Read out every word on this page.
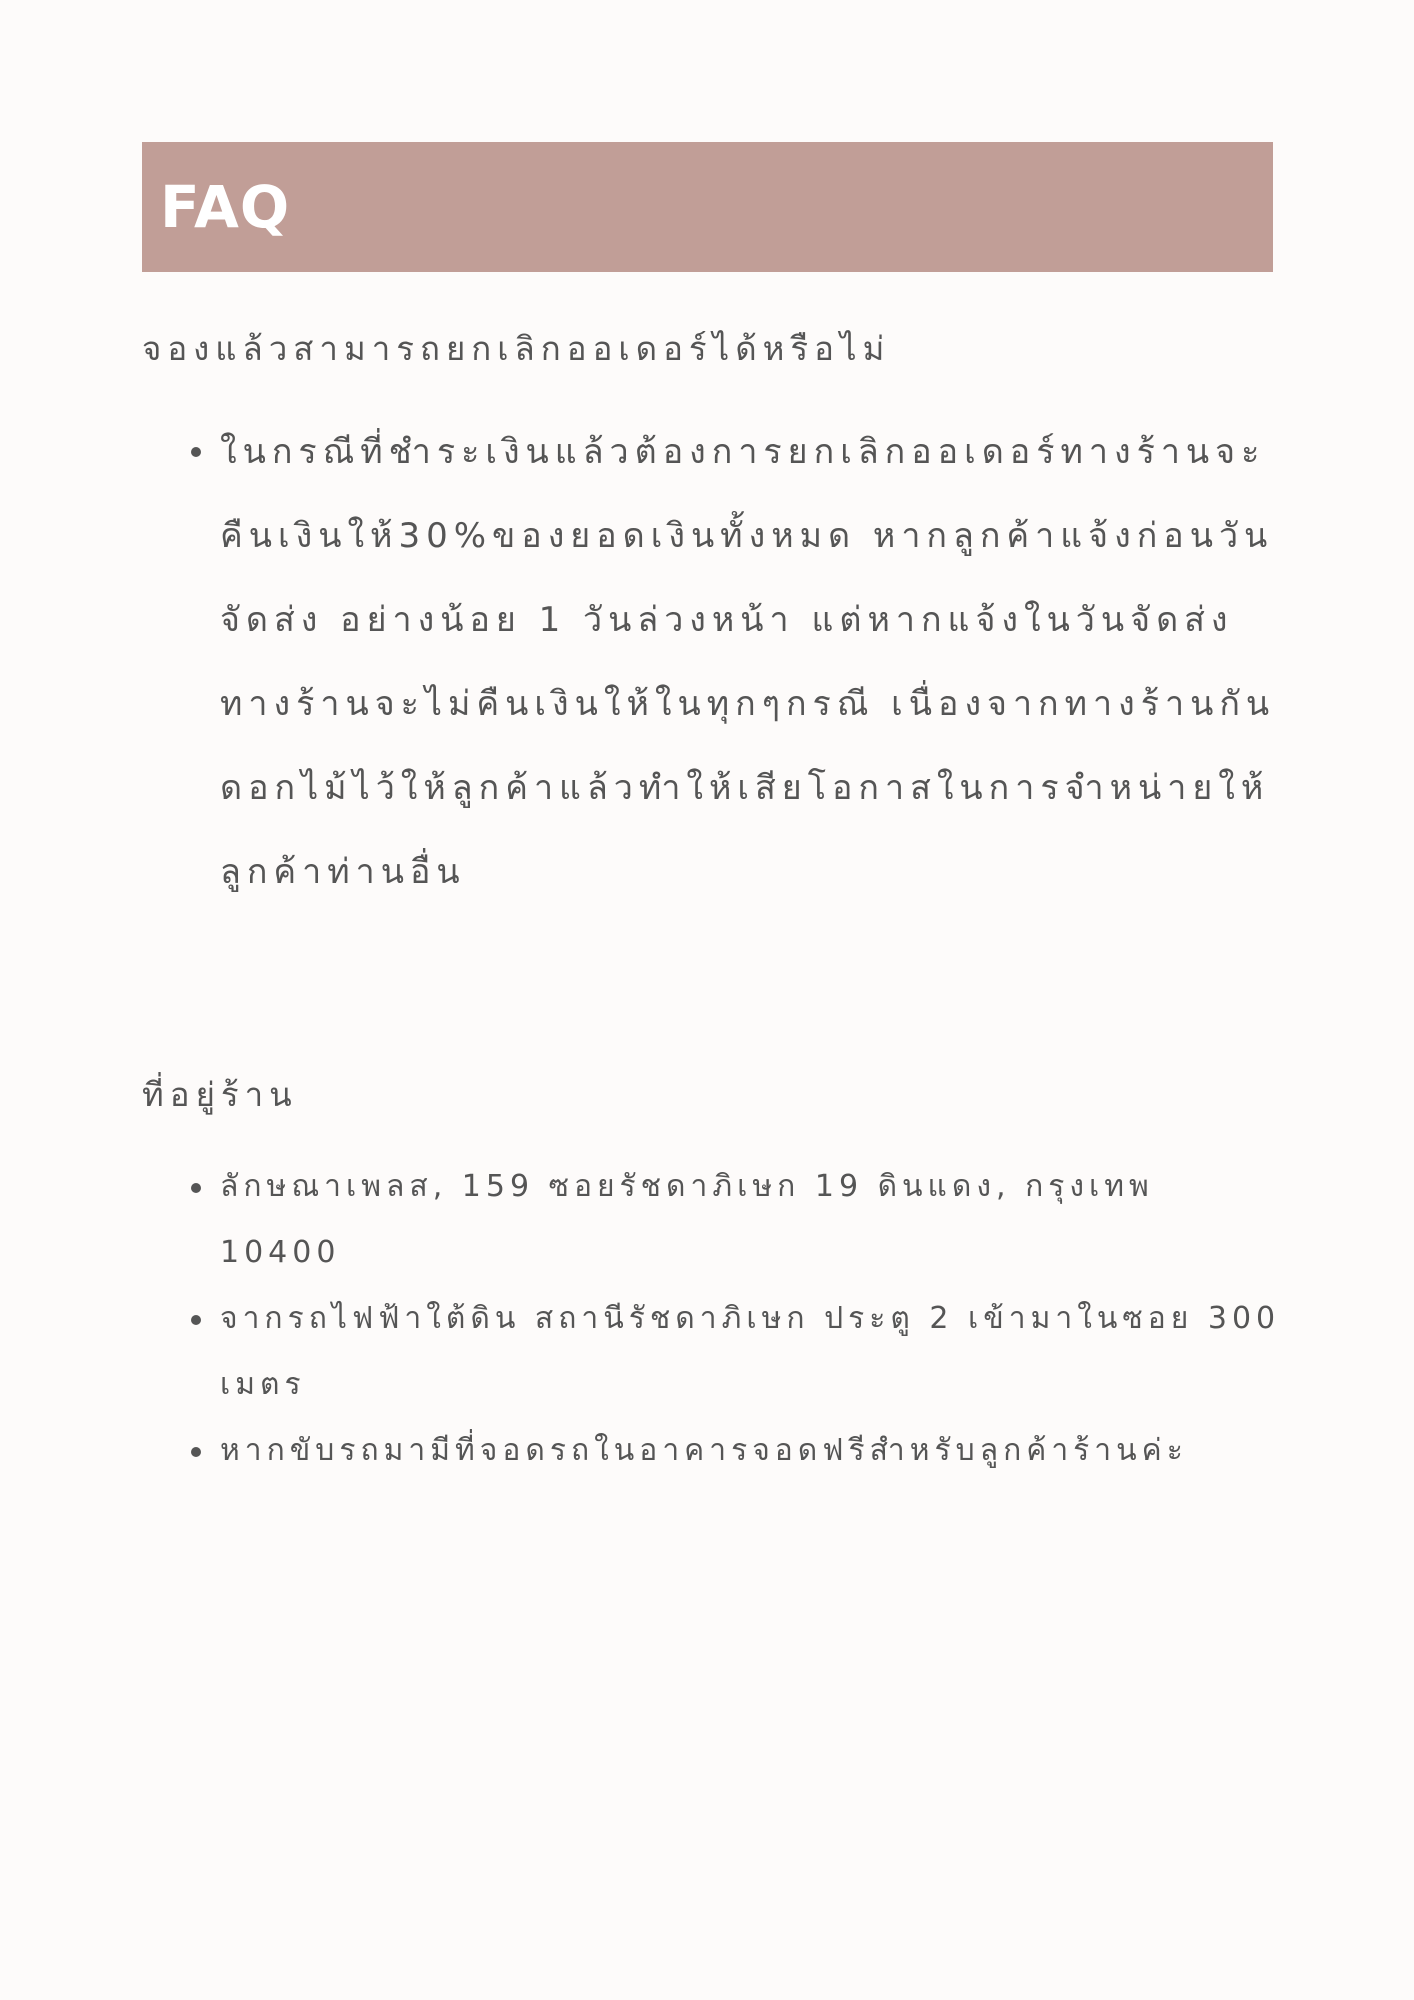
FAQ
จองแล้วสามารถยกเลิกออเดอร์ได้หรือไม่
ในกรณีที่ชำระเงินแล้วต้องการยกเลิกออเดอร์ทางร้านจะคืนเงินให้30%ของยอดเงินทั้งหมด หากลูกค้าแจ้งก่อนวันจัดส่ง อย่างน้อย 1 วันล่วงหน้า แต่หากแจ้งในวันจัดส่ง ทางร้านจะไม่คืนเงินให้ในทุกๆกรณี เนื่องจากทางร้านกันดอกไม้ไว้ให้ลูกค้าแล้วทำให้เสียโอกาสในการจำหน่ายให้ลูกค้าท่านอื่น
ที่อยู่ร้าน
ลักษณาเพลส, 159 ซอยรัชดาภิเษก 19 ดินแดง, กรุงเทพ 10400
จากรถไฟฟ้าใต้ดิน สถานีรัชดาภิเษก ประตู 2 เข้ามาในซอย 300 เมตร
หากขับรถมามีที่จอดรถในอาคารจอดฟรีสำหรับลูกค้าร้านค่ะ
